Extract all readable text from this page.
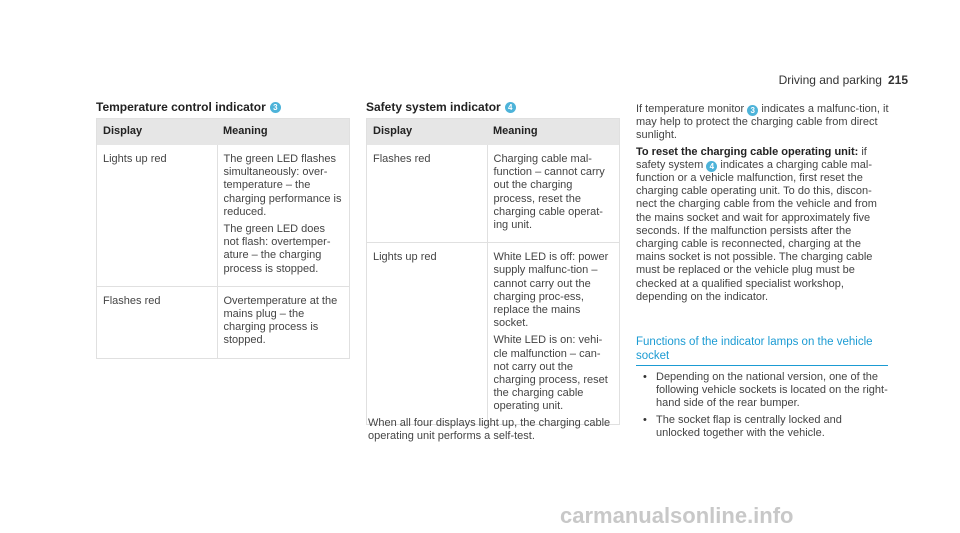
Driving and parking 215
Temperature control indicator 3
Display	Meaning
Lights up red	The green LED flashes simultaneously: over-temperature – the charging performance is reduced.

The green LED does not flash: overtemper-ature – the charging process is stopped.

Flashes red	Overtemperature at the mains plug – the charging process is stopped.

Safety system indicator 4
Display	Meaning
Flashes red	Charging cable mal-function – cannot carry out the charging process, reset the charging cable operat-ing unit.

Lights up red	White LED is off: power supply malfunc-tion – cannot carry out the charging proc-ess, replace the mains socket.

White LED is on: vehi-cle malfunction – can-not carry out the charging process, reset the charging cable operating unit.

When all four displays light up, the charging cable operating unit performs a self-test.

If temperature monitor 3 indicates a malfunc-tion, it may help to protect the charging cable from direct sunlight.

To reset the charging cable operating unit: if safety system 4 indicates a charging cable mal-function or a vehicle malfunction, first reset the charging cable operating unit. To do this, discon-nect the charging cable from the vehicle and from the mains socket and wait for approximately five seconds. If the malfunction persists after the charging cable is reconnected, charging at the mains socket is not possible. The charging cable must be replaced or the vehicle plug must be checked at a qualified specialist workshop, depending on the indicator.

Functions of the indicator lamps on the vehicle socket
• Depending on the national version, one of the following vehicle sockets is located on the right-hand side of the rear bumper.
• The socket flap is centrally locked and unlocked together with the vehicle.
carmanualsonline.info
